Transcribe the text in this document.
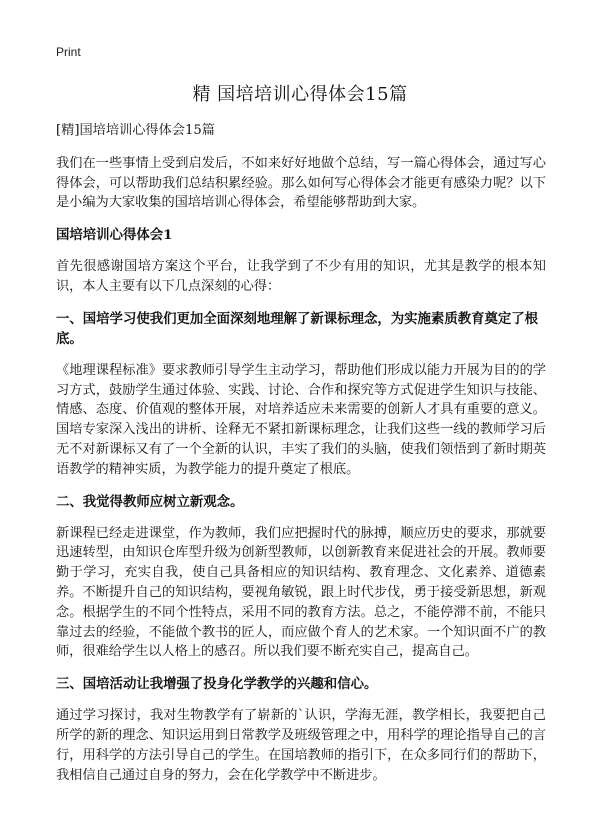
Print
精 国培培训心得体会15篇

[精]国培培训心得体会15篇

我们在一些事情上受到启发后，不如来好好地做个总结，写一篇心得体会，通过写心得体会，可以帮助我们总结积累经验。那么如何写心得体会才能更有感染力呢？以下是小编为大家收集的国培培训心得体会，希望能够帮助到大家。

国培培训心得体会1

首先很感谢国培方案这个平台，让我学到了不少有用的知识，尤其是教学的根本知识，本人主要有以下几点深刻的心得：

一、国培学习使我们更加全面深刻地理解了新课标理念，为实施素质教育奠定了根底。

《地理课程标准》要求教师引导学生主动学习，帮助他们形成以能力开展为目的的学习方式，鼓励学生通过体验、实践、讨论、合作和探究等方式促进学生知识与技能、情感、态度、价值观的整体开展，对培养适应未来需要的创新人才具有重要的意义。国培专家深入浅出的讲析、诠释无不紧扣新课标理念，让我们这些一线的教师学习后无不对新课标又有了一个全新的认识，丰实了我们的头脑，使我们领悟到了新时期英语教学的精神实质，为教学能力的提升奠定了根底。

二、我觉得教师应树立新观念。

新课程已经走进课堂，作为教师，我们应把握时代的脉搏，顺应历史的要求，那就要迅速转型，由知识仓库型升级为创新型教师，以创新教育来促进社会的开展。教师要勤于学习，充实自我，使自己具备相应的知识结构、教育理念、文化素养、道德素养。不断提升自己的知识结构，要视角敏锐，跟上时代步伐，勇于接受新思想，新观念。根据学生的不同个性特点，采用不同的教育方法。总之，不能停滞不前，不能只靠过去的经验，不能做个教书的匠人，而应做个育人的艺术家。一个知识面不广的教师，很难给学生以人格上的感召。所以我们要不断充实自己，提高自己。

三、国培活动让我增强了投身化学教学的兴趣和信心。

通过学习探讨，我对生物教学有了崭新的`认识，学海无涯，教学相长，我要把自己所学的新的理念、知识运用到日常教学及班级管理之中，用科学的理论指导自己的言行，用科学的方法引导自己的学生。在国培教师的指引下，在众多同行们的帮助下，我相信自己通过自身的努力，会在化学教学中不断进步。
